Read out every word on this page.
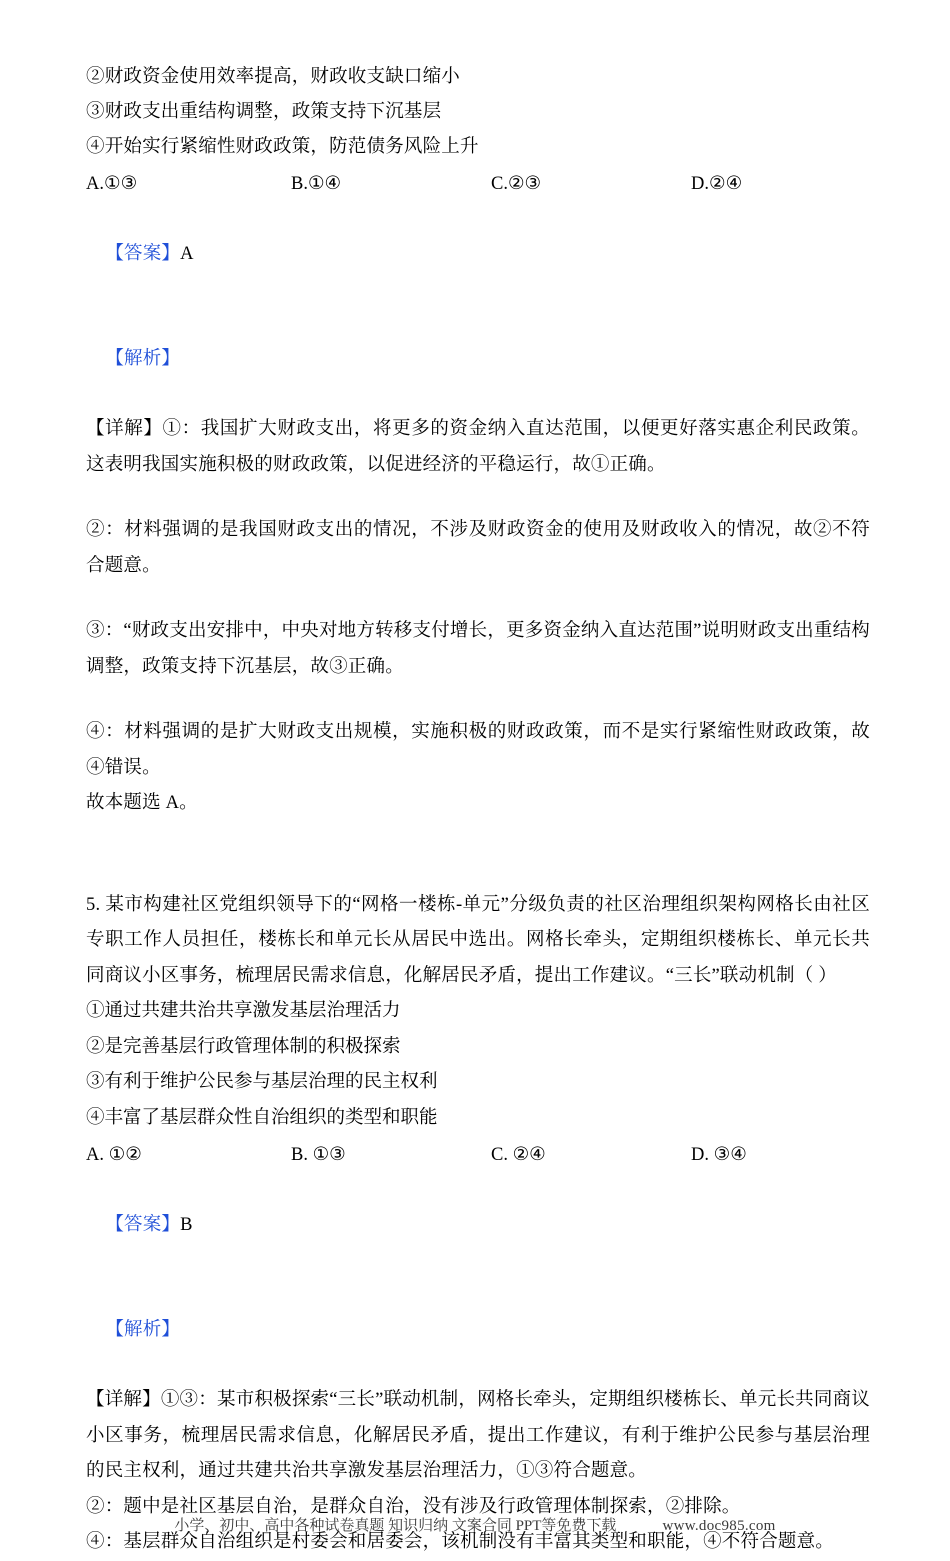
②财政资金使用效率提高，财政收支缺口缩小
③财政支出重结构调整，政策支持下沉基层
④开始实行紧缩性财政政策，防范债务风险上升
A.①③	B.①④	C.②③	D.②④

【答案】A

【解析】

【详解】①：我国扩大财政支出，将更多的资金纳入直达范围，以便更好落实惠企利民政策。这表明我国实施积极的财政政策，以促进经济的平稳运行，故①正确。
②：材料强调的是我国财政支出的情况，不涉及财政资金的使用及财政收入的情况，故②不符合题意。
③：“财政支出安排中，中央对地方转移支付增长，更多资金纳入直达范围”说明财政支出重结构调整，政策支持下沉基层，故③正确。
④：材料强调的是扩大财政支出规模，实施积极的财政政策，而不是实行紧缩性财政政策，故④错误。
故本题选 A。
5. 某市构建社区党组织领导下的“网格一楼栋-单元”分级负责的社区治理组织架构网格长由社区专职工作人员担任，楼栋长和单元长从居民中选出。网格长牵头，定期组织楼栋长、单元长共同商议小区事务，梳理居民需求信息，化解居民矛盾，提出工作建议。“三长”联动机制（ ）
①通过共建共治共享激发基层治理活力
②是完善基层行政管理体制的积极探索
③有利于维护公民参与基层治理的民主权利
④丰富了基层群众性自治组织的类型和职能
A. ①②	B. ①③	C. ②④	D. ③④

【答案】B

【解析】

【详解】①③：某市积极探索“三长”联动机制，网格长牵头，定期组织楼栋长、单元长共同商议小区事务，梳理居民需求信息，化解居民矛盾，提出工作建议，有利于维护公民参与基层治理的民主权利，通过共建共治共享激发基层治理活力，①③符合题意。
②：题中是社区基层自治，是群众自治，没有涉及行政管理体制探索，②排除。
④：基层群众自治组织是村委会和居委会，该机制没有丰富其类型和职能，④不符合题意。
小学、初中、高中各种试卷真题 知识归纳 文案合同 PPT等免费下载	www.doc985.com
